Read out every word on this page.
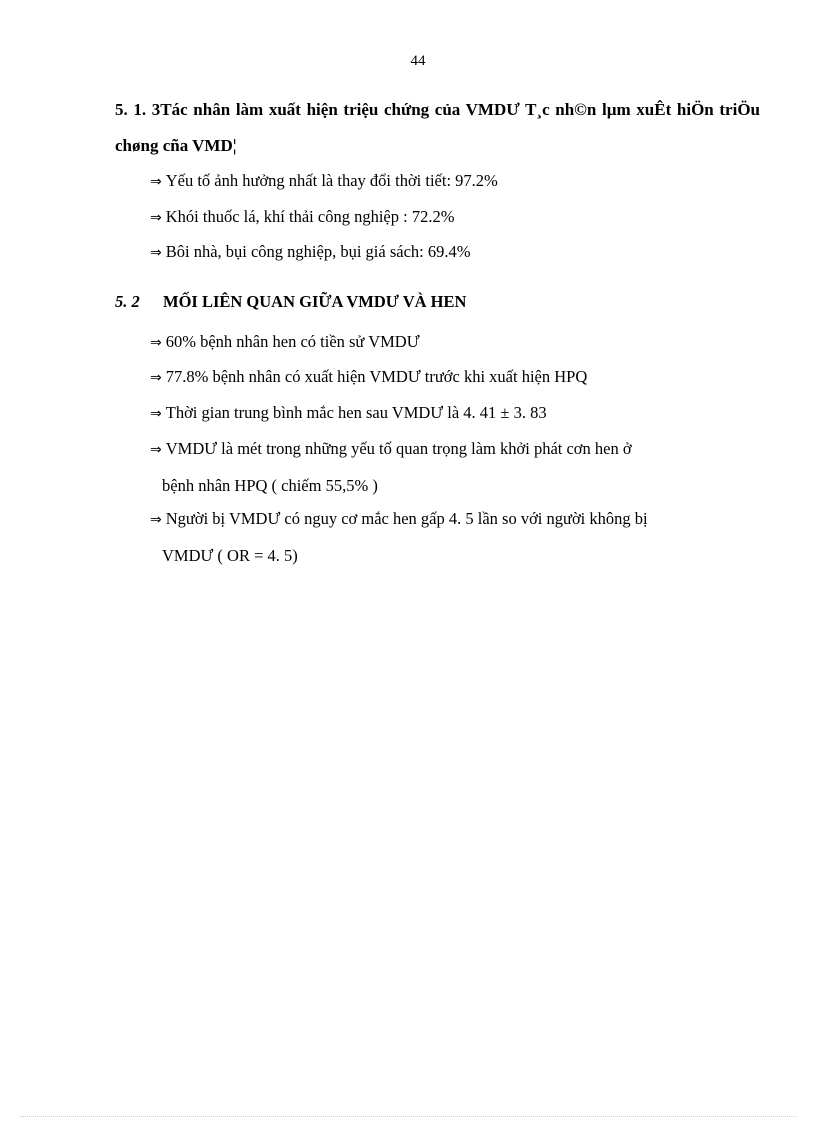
44
5. 1. 3Tác nhân làm xuất hiện triệu chứng của VMDƯ T¸c nh©n lµm xuÊt hiÖn triÖu chøng cña VMD¦
⇒ Yếu tố ảnh hưởng nhất là thay đổi thời tiết: 97.2%
⇒ Khói thuốc lá, khí thải công nghiệp : 72.2%
⇒ Bôi nhà, bụi công nghiệp, bụi giá sách: 69.4%
5. 2 MỐI LIÊN QUAN GIỮA VMDƯ VÀ HEN
⇒ 60% bệnh nhân hen có tiền sử VMDƯ
⇒ 77.8% bệnh nhân có xuất hiện VMDƯ trước khi xuất hiện HPQ
⇒ Thời gian trung bình mắc hen sau VMDƯ là 4. 41 ± 3. 83
⇒ VMDƯ là mét trong những yếu tố quan trọng làm khởi phát cơn hen ở
bệnh nhân HPQ ( chiếm 55,5% )
⇒ Người bị VMDƯ có nguy cơ mắc hen gấp 4. 5 lần so với người không bị
VMDƯ ( OR = 4. 5)
